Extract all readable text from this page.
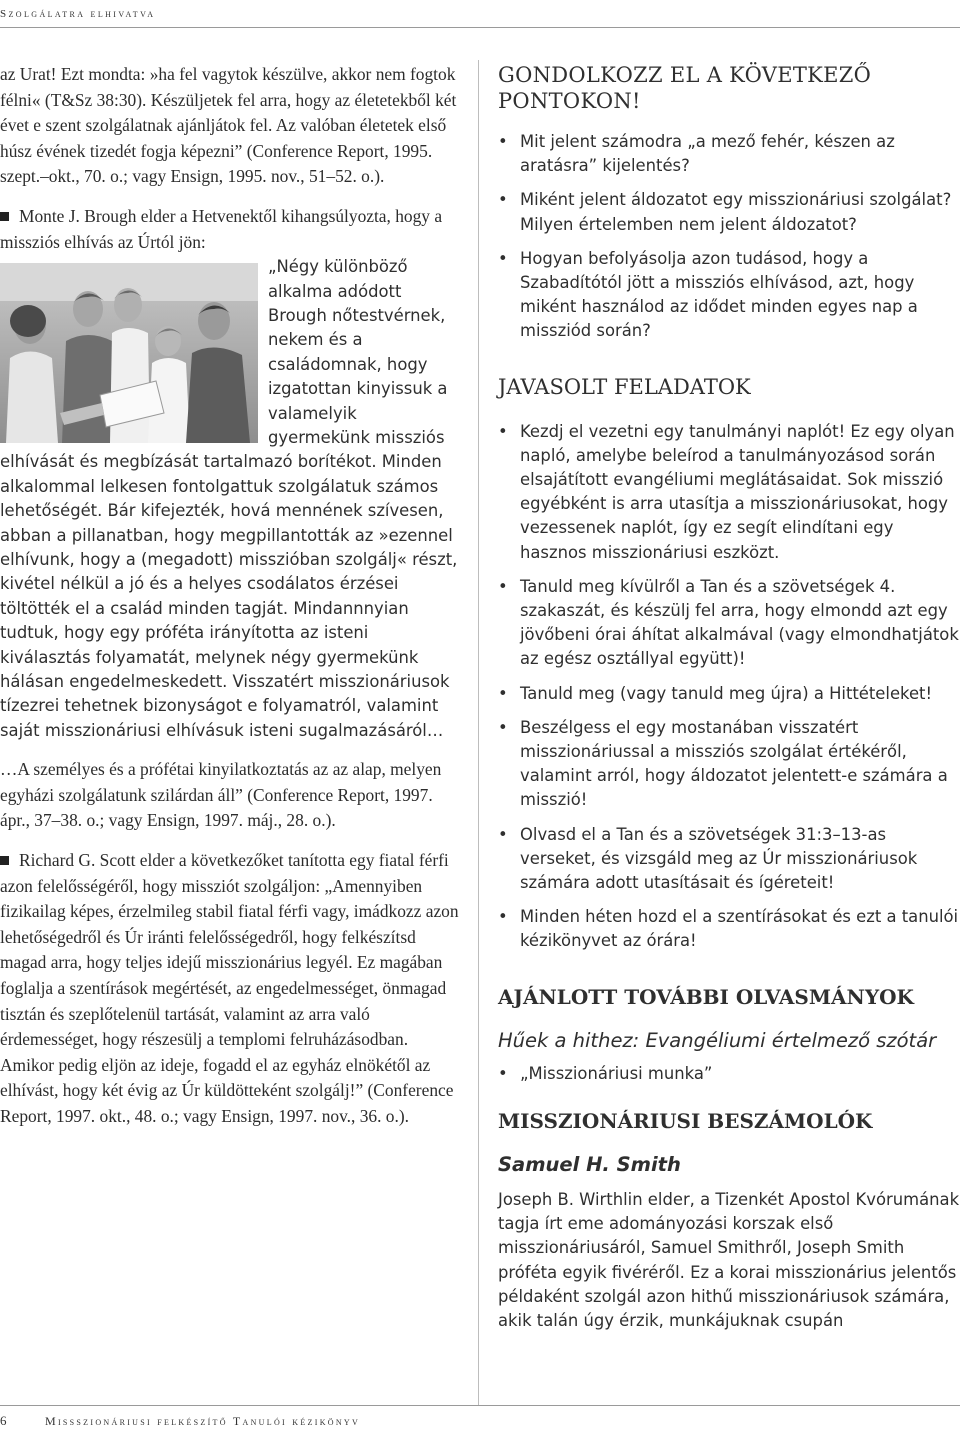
Szolgálatra elhivatva

az Urat! Ezt mondta: »ha fel vagytok készülve, akkor nem fogtok félni« (T&Sz 38:30). Készüljetek fel arra, hogy az életetekből két évet e szent szolgálatnak ajánljátok fel. Az valóban életetek első húsz évének tizedét fogja képezni” (Conference Report, 1995. szept.–okt., 70. o.; vagy Ensign, 1995. nov., 51–52. o.).

Monte J. Brough elder a Hetvenektől kihangsúlyozta, hogy a missziós elhívás az Úrtól jön:

„Négy különböző alkalma adódott Brough nőtestvérnek, nekem és a családomnak, hogy izgatottan kinyissuk a valamelyik gyermekünk missziós elhívását és megbízását tartalmazó borítékot. Minden alkalommal lelkesen fontolgattuk szolgálatuk számos lehetőségét. Bár kifejezték, hová mennének szívesen, abban a pillanatban, hogy megpillantották az »ezennel elhívunk, hogy a (megadott) misszióban szolgálj« részt, kivétel nélkül a jó és a helyes csodálatos érzései töltötték el a család minden tagját. Mindannnyian tudtuk, hogy egy próféta irányította az isteni kiválasztás folyamatát, melynek négy gyermekünk hálásan engedelmeskedett. Visszatért misszionáriusok tízezrei tehetnek bizonyságot e folyamatról, valamint saját misszionáriusi elhívásuk isteni sugalmazásáról…

…A személyes és a prófétai kinyilatkoztatás az az alap, melyen egyházi szolgálatunk szilárdan áll” (Conference Report, 1997. ápr., 37–38. o.; vagy Ensign, 1997. máj., 28. o.).

Richard G. Scott elder a következőket tanította egy fiatal férfi azon felelősségéről, hogy missziót szolgáljon: „Amennyiben fizikailag képes, érzelmileg stabil fiatal férfi vagy, imádkozz azon lehetőségedről és Úr iránti felelősségedről, hogy felkészítsd magad arra, hogy teljes idejű misszionárius legyél. Ez magában foglalja a szentírások megértését, az engedelmességet, önmagad tisztán és szeplőtelenül tartását, valamint az arra való érdemességet, hogy részesülj a templomi felruházásodban. Amikor pedig eljön az ideje, fogadd el az egyház elnökétől az elhívást, hogy két évig az Úr küldötteként szolgálj!” (Conference Report, 1997. okt., 48. o.; vagy Ensign, 1997. nov., 36. o.).

GONDOLKOZZ EL A KÖVETKEZŐ PONTOKON!
• Mit jelent számodra „a mező fehér, készen az aratásra” kijelentés?
• Miként jelent áldozatot egy misszionáriusi szolgálat? Milyen értelemben nem jelent áldozatot?
• Hogyan befolyásolja azon tudásod, hogy a Szabadítótól jött a missziós elhívásod, azt, hogy miként használod az idődet minden egyes nap a missziód során?
JAVASOLT FELADATOK
• Kezdj el vezetni egy tanulmányi naplót! Ez egy olyan napló, amelybe beleírod a tanulmányozásod során elsajátított evangéliumi meglátásaidat. Sok misszió egyébként is arra utasítja a misszionáriusokat, hogy vezessenek naplót, így ez segít elindítani egy hasznos misszionáriusi eszközt.
• Tanuld meg kívülről a Tan és a szövetségek 4. szakaszát, és készülj fel arra, hogy elmondd azt egy jövőbeni órai áhítat alkalmával (vagy elmondhatjátok az egész osztállyal együtt)!
• Tanuld meg (vagy tanuld meg újra) a Hittételeket!
• Beszélgess el egy mostanában visszatért misszionáriussal a missziós szolgálat értékéről, valamint arról, hogy áldozatot jelentett-e számára a misszió!
• Olvasd el a Tan és a szövetségek 31:3–13-as verseket, és vizsgáld meg az Úr misszionáriusok számára adott utasításait és ígéreteit!
• Minden héten hozd el a szentírásokat és ezt a tanulói kézikönyvet az órára!
AJÁNLOTT TOVÁBBI OLVASMÁNYOK
Hűek a hithez: Evangéliumi értelmező szótár
• „Misszionáriusi munka”
MISSZIONÁRIUSI BESZÁMOLÓK
Samuel H. Smith

Joseph B. Wirthlin elder, a Tizenkét Apostol Kvórumának tagja írt eme adományozási korszak első misszionáriusáról, Samuel Smithről, Joseph Smith próféta egyik fivéréről. Ez a korai misszionárius jelentős példaként szolgál azon hithű misszionáriusok számára, akik talán úgy érzik, munkájuknak csupán

6	Missszionáriusi felkészítő Tanulói kézikönyv
